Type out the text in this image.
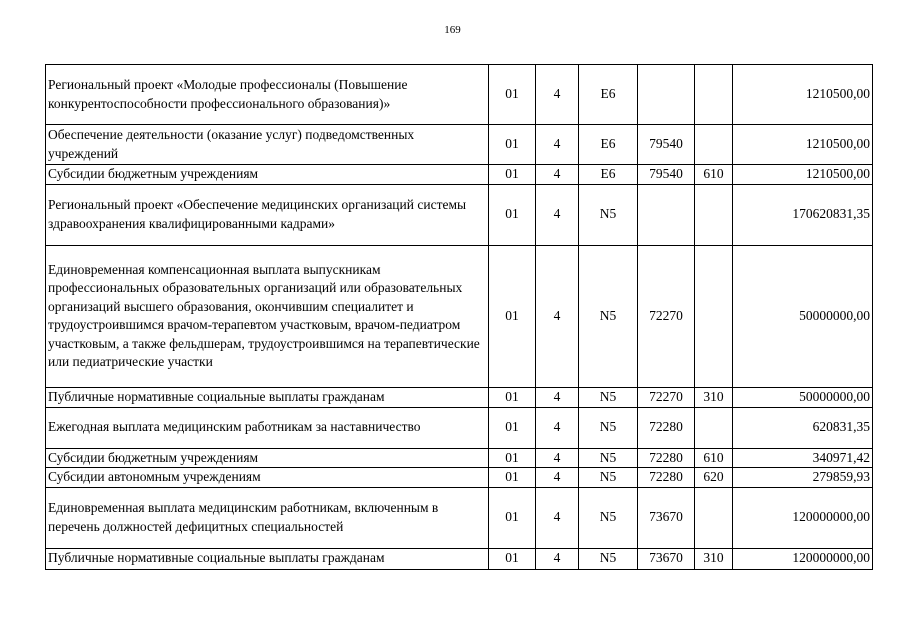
169
Региональный проект «Молодые профессионалы (Повышение конкурентоспособности профессионального образования)»	01	4	E6			1210500,00
Обеспечение деятельности (оказание услуг) подведомственных учреждений	01	4	E6	79540		1210500,00
Субсидии бюджетным учреждениям	01	4	E6	79540	610	1210500,00
Региональный проект «Обеспечение медицинских организаций системы здравоохранения квалифицированными кадрами»	01	4	N5			170620831,35
Единовременная компенсационная выплата выпускникам профессиональных образовательных организаций или образовательных организаций высшего образования, окончившим специалитет и трудоустроившимся врачом-терапевтом участковым, врачом-педиатром участковым, а также фельдшерам, трудоустроившимся на терапевтические или педиатрические участки	01	4	N5	72270		50000000,00
Публичные нормативные социальные выплаты гражданам	01	4	N5	72270	310	50000000,00
Ежегодная выплата медицинским работникам за наставничество	01	4	N5	72280		620831,35
Субсидии бюджетным учреждениям	01	4	N5	72280	610	340971,42
Субсидии автономным учреждениям	01	4	N5	72280	620	279859,93
Единовременная выплата медицинским работникам, включенным в перечень должностей дефицитных специальностей	01	4	N5	73670		120000000,00
Публичные нормативные социальные выплаты гражданам	01	4	N5	73670	310	120000000,00
